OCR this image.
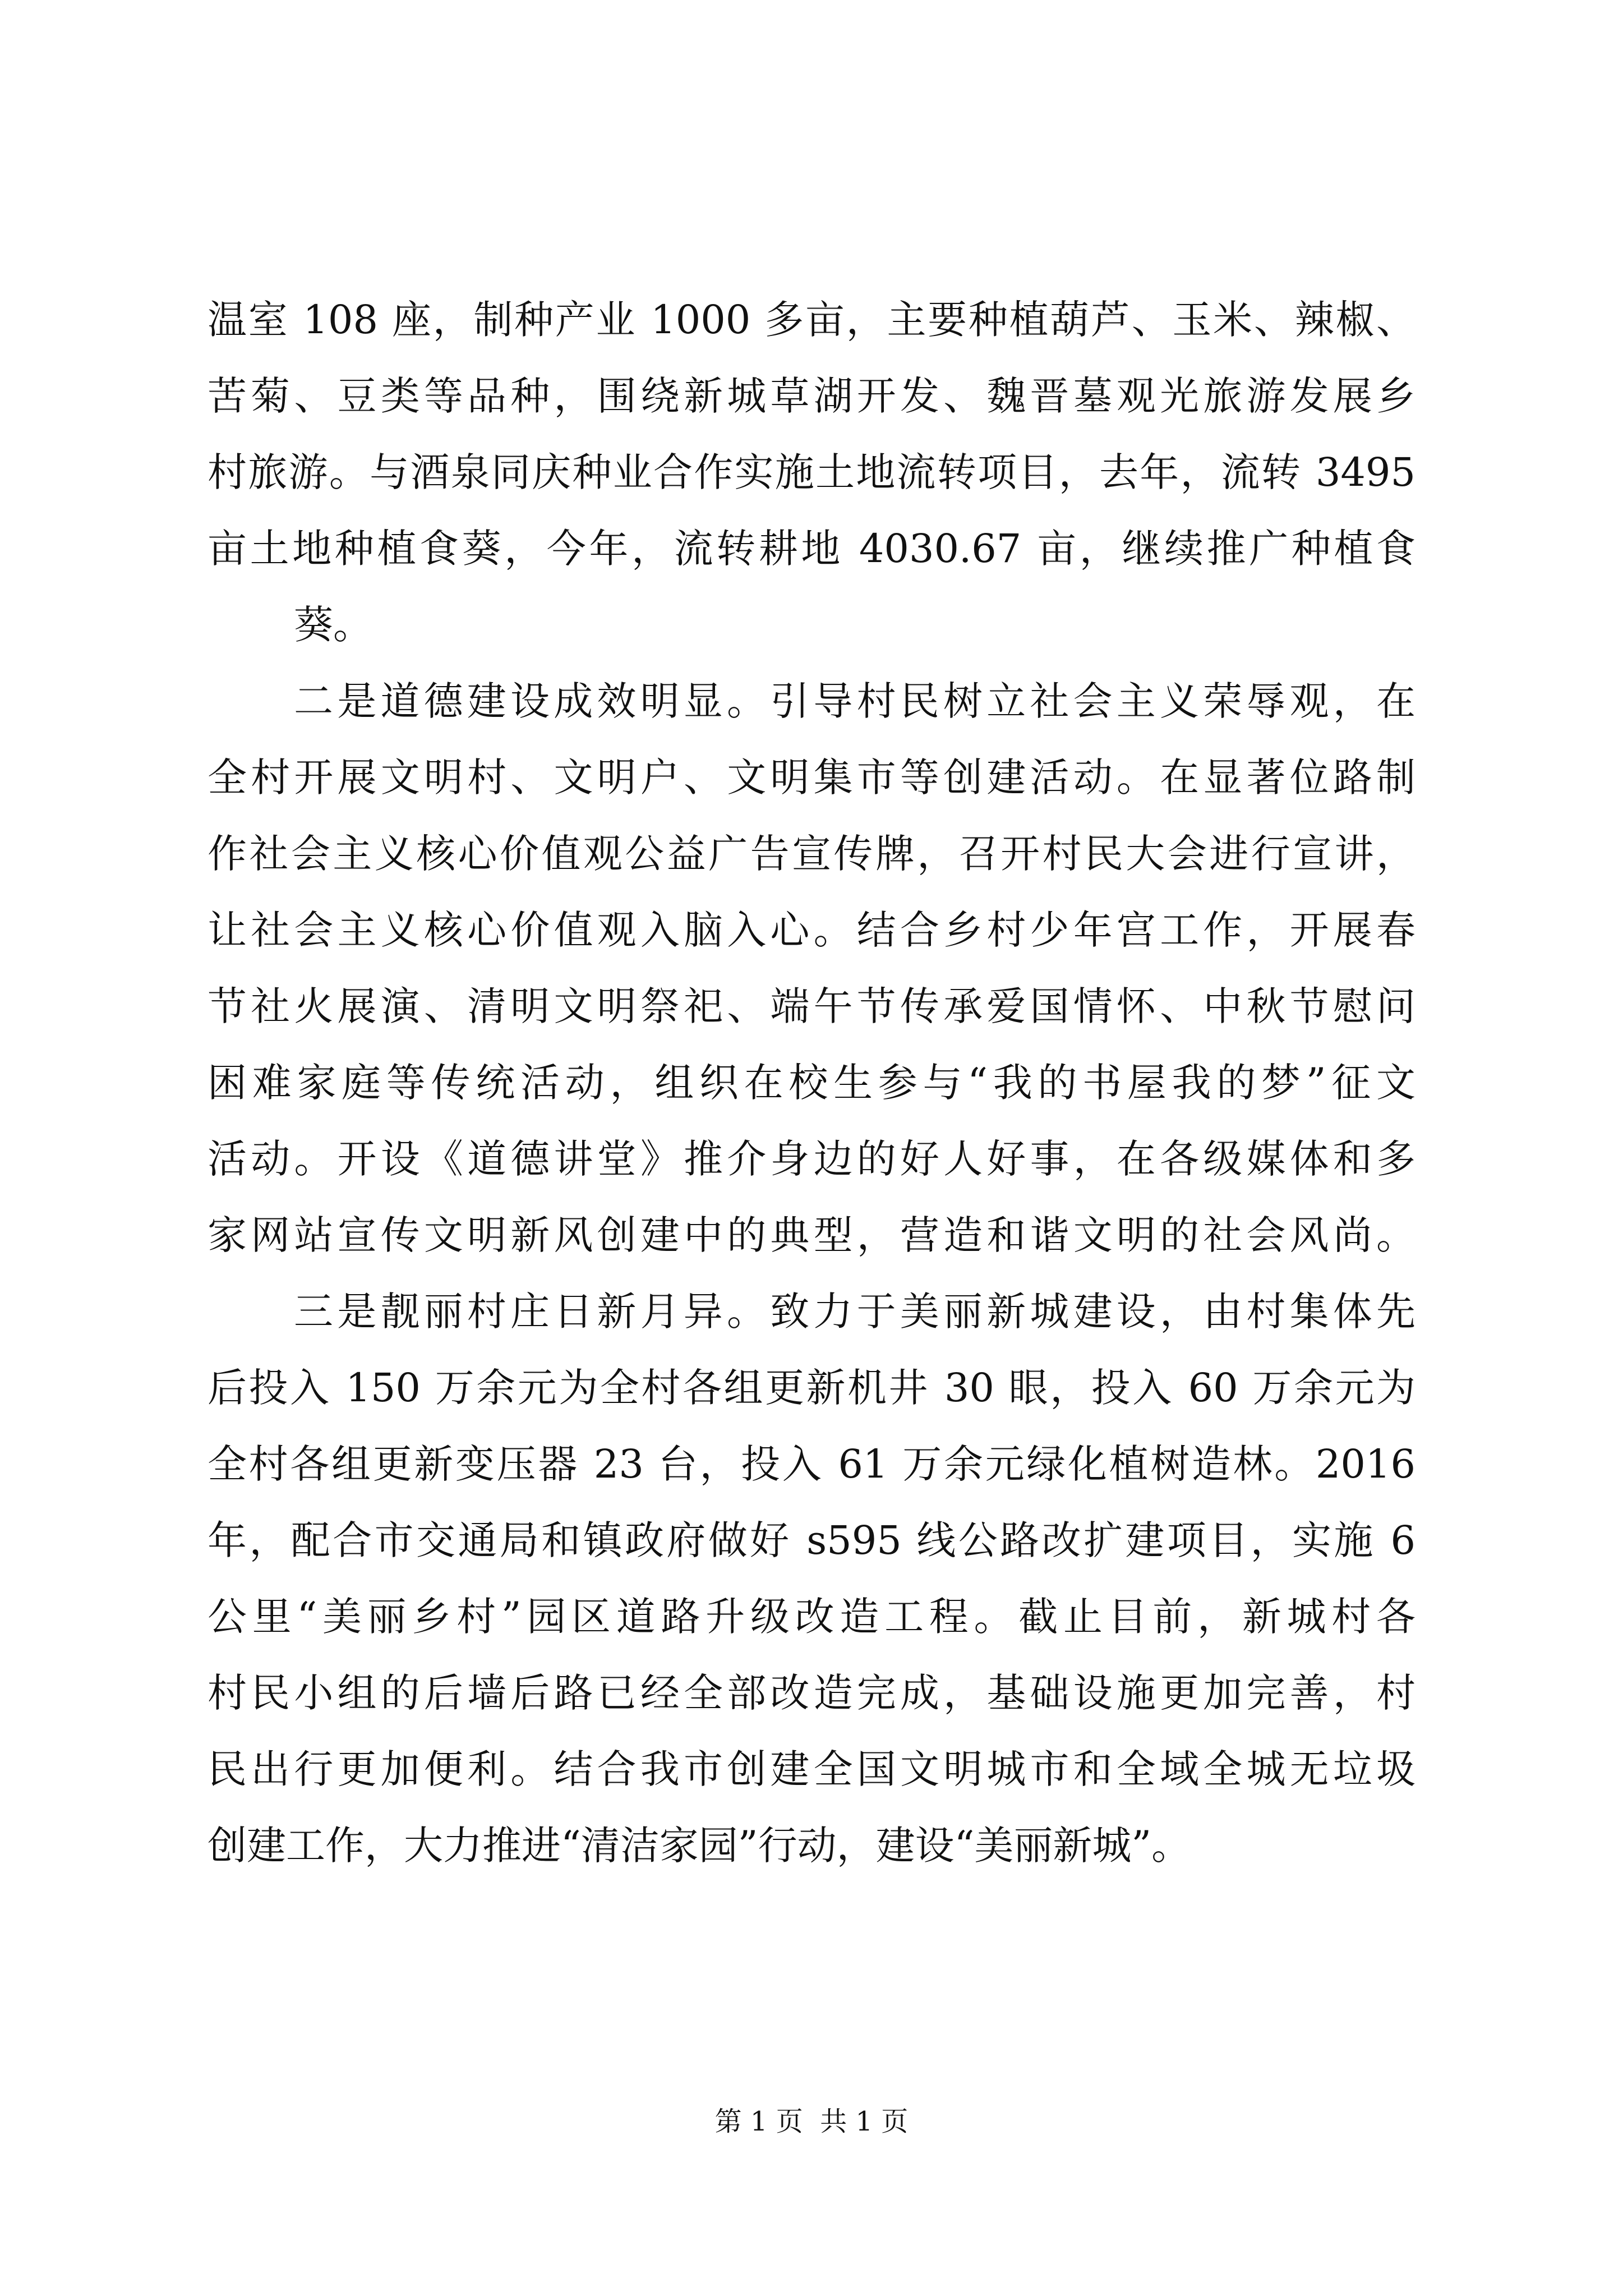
温室 108 座，制种产业 1000 多亩，主要种植葫芦、玉米、辣椒、
苦菊、豆类等品种，围绕新城草湖开发、魏晋墓观光旅游发展乡
村旅游。与酒泉同庆种业合作实施土地流转项目，去年，流转 3495
亩土地种植食葵，今年，流转耕地 4030.67 亩，继续推广种植食
葵。
二是道德建设成效明显。引导村民树立社会主义荣辱观，在
全村开展文明村、文明户、文明集市等创建活动。在显著位路制
作社会主义核心价值观公益广告宣传牌，召开村民大会进行宣讲，
让社会主义核心价值观入脑入心。结合乡村少年宫工作，开展春
节社火展演、清明文明祭祀、端午节传承爱国情怀、中秋节慰问
困难家庭等传统活动，组织在校生参与“我的书屋我的梦”征文
活动。开设《道德讲堂》推介身边的好人好事，在各级媒体和多
家网站宣传文明新风创建中的典型，营造和谐文明的社会风尚。
三是靓丽村庄日新月异。致力于美丽新城建设，由村集体先
后投入 150 万余元为全村各组更新机井 30 眼，投入 60 万余元为
全村各组更新变压器 23 台，投入 61 万余元绿化植树造林。2016
年，配合市交通局和镇政府做好 s595 线公路改扩建项目，实施 6
公里“美丽乡村”园区道路升级改造工程。截止目前，新城村各
村民小组的后墙后路已经全部改造完成，基础设施更加完善，村
民出行更加便利。结合我市创建全国文明城市和全域全城无垃圾
创建工作，大力推进“清洁家园”行动，建设“美丽新城”。
第 1 页  共 1 页
